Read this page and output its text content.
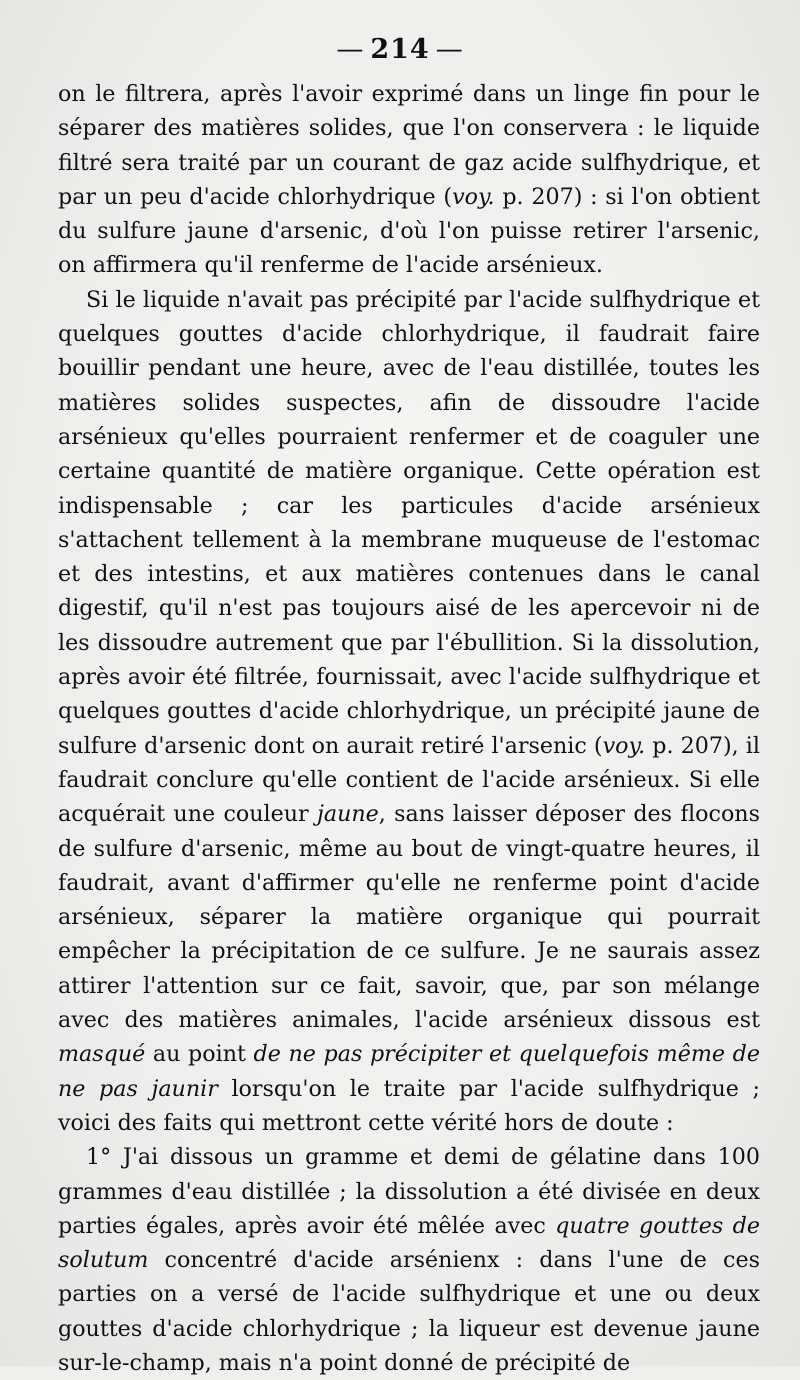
— 214 —

on le filtrera, après l'avoir exprimé dans un linge fin pour le séparer des matières solides, que l'on conservera : le liquide filtré sera traité par un courant de gaz acide sulfhydrique, et par un peu d'acide chlorhydrique (voy. p. 207) : si l'on obtient du sulfure jaune d'arsenic, d'où l'on puisse retirer l'arsenic, on affirmera qu'il renferme de l'acide arsénieux.

Si le liquide n'avait pas précipité par l'acide sulfhydrique et quelques gouttes d'acide chlorhydrique, il faudrait faire bouillir pendant une heure, avec de l'eau distillée, toutes les matières solides suspectes, afin de dissoudre l'acide arsénieux qu'elles pourraient renfermer et de coaguler une certaine quantité de matière organique. Cette opération est indispensable ; car les particules d'acide arsénieux s'attachent tellement à la membrane muqueuse de l'estomac et des intestins, et aux matières contenues dans le canal digestif, qu'il n'est pas toujours aisé de les apercevoir ni de les dissoudre autrement que par l'ébullition. Si la dissolution, après avoir été filtrée, fournissait, avec l'acide sulfhydrique et quelques gouttes d'acide chlorhydrique, un précipité jaune de sulfure d'arsenic dont on aurait retiré l'arsenic (voy. p. 207), il faudrait conclure qu'elle contient de l'acide arsénieux. Si elle acquérait une couleur jaune, sans laisser déposer des flocons de sulfure d'arsenic, même au bout de vingt-quatre heures, il faudrait, avant d'affirmer qu'elle ne renferme point d'acide arsénieux, séparer la matière organique qui pourrait empêcher la précipitation de ce sulfure. Je ne saurais assez attirer l'attention sur ce fait, savoir, que, par son mélange avec des matières animales, l'acide arsénieux dissous est masqué au point de ne pas précipiter et quelquefois même de ne pas jaunir lorsqu'on le traite par l'acide sulfhydrique ; voici des faits qui mettront cette vérité hors de doute :

1° J'ai dissous un gramme et demi de gélatine dans 100 grammes d'eau distillée ; la dissolution a été divisée en deux parties égales, après avoir été mêlée avec quatre gouttes de solutum concentré d'acide arsénienx : dans l'une de ces parties on a versé de l'acide sulfhydrique et une ou deux gouttes d'acide chlorhydrique ; la liqueur est devenue jaune sur-le-champ, mais n'a point donné de précipité de
